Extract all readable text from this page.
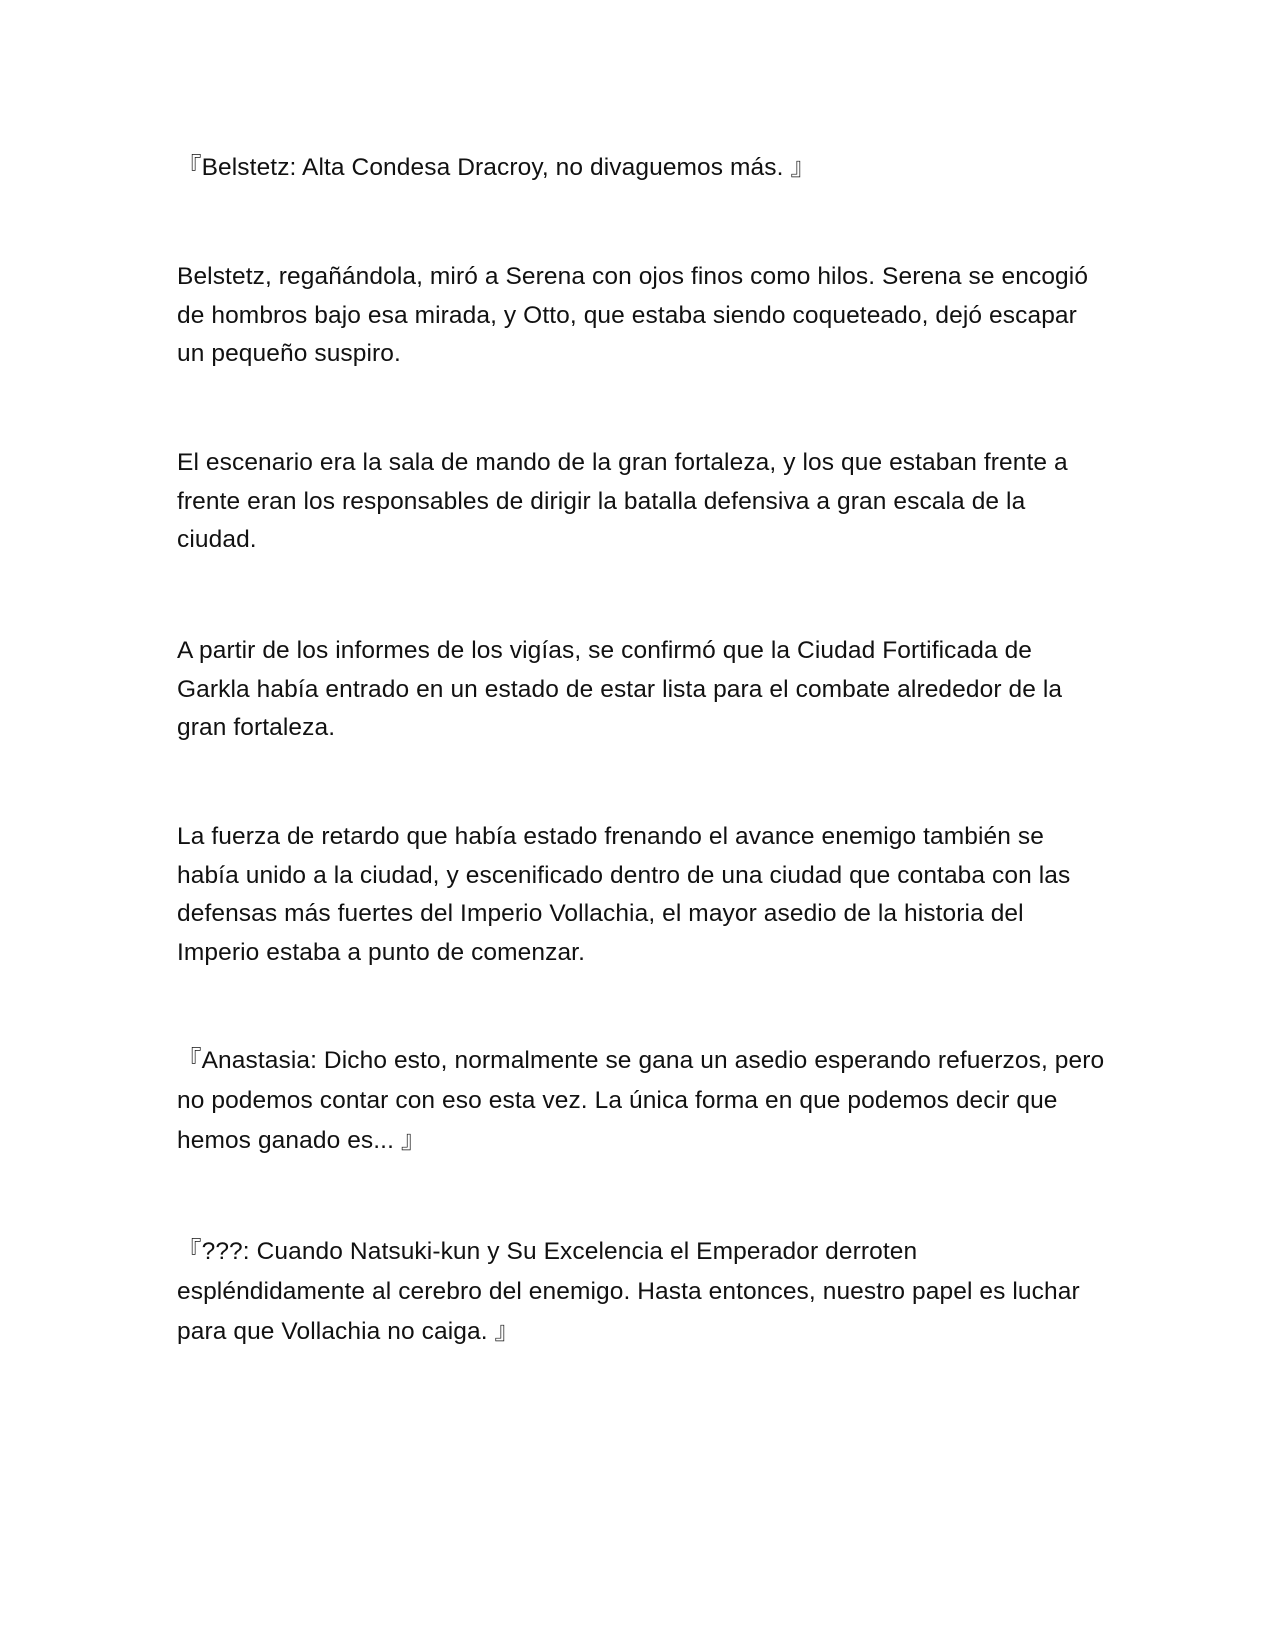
『Belstetz: Alta Condesa Dracroy, no divaguemos más. 』

Belstetz, regañándola, miró a Serena con ojos finos como hilos. Serena se encogió de hombros bajo esa mirada, y Otto, que estaba siendo coqueteado, dejó escapar un pequeño suspiro.

El escenario era la sala de mando de la gran fortaleza, y los que estaban frente a frente eran los responsables de dirigir la batalla defensiva a gran escala de la ciudad.

A partir de los informes de los vigías, se confirmó que la Ciudad Fortificada de Garkla había entrado en un estado de estar lista para el combate alrededor de la gran fortaleza.

La fuerza de retardo que había estado frenando el avance enemigo también se había unido a la ciudad, y escenificado dentro de una ciudad que contaba con las defensas más fuertes del Imperio Vollachia, el mayor asedio de la historia del Imperio estaba a punto de comenzar.

『Anastasia: Dicho esto, normalmente se gana un asedio esperando refuerzos, pero no podemos contar con eso esta vez. La única forma en que podemos decir que hemos ganado es... 』

『???: Cuando Natsuki-kun y Su Excelencia el Emperador derroten espléndidamente al cerebro del enemigo. Hasta entonces, nuestro papel es luchar para que Vollachia no caiga. 』
